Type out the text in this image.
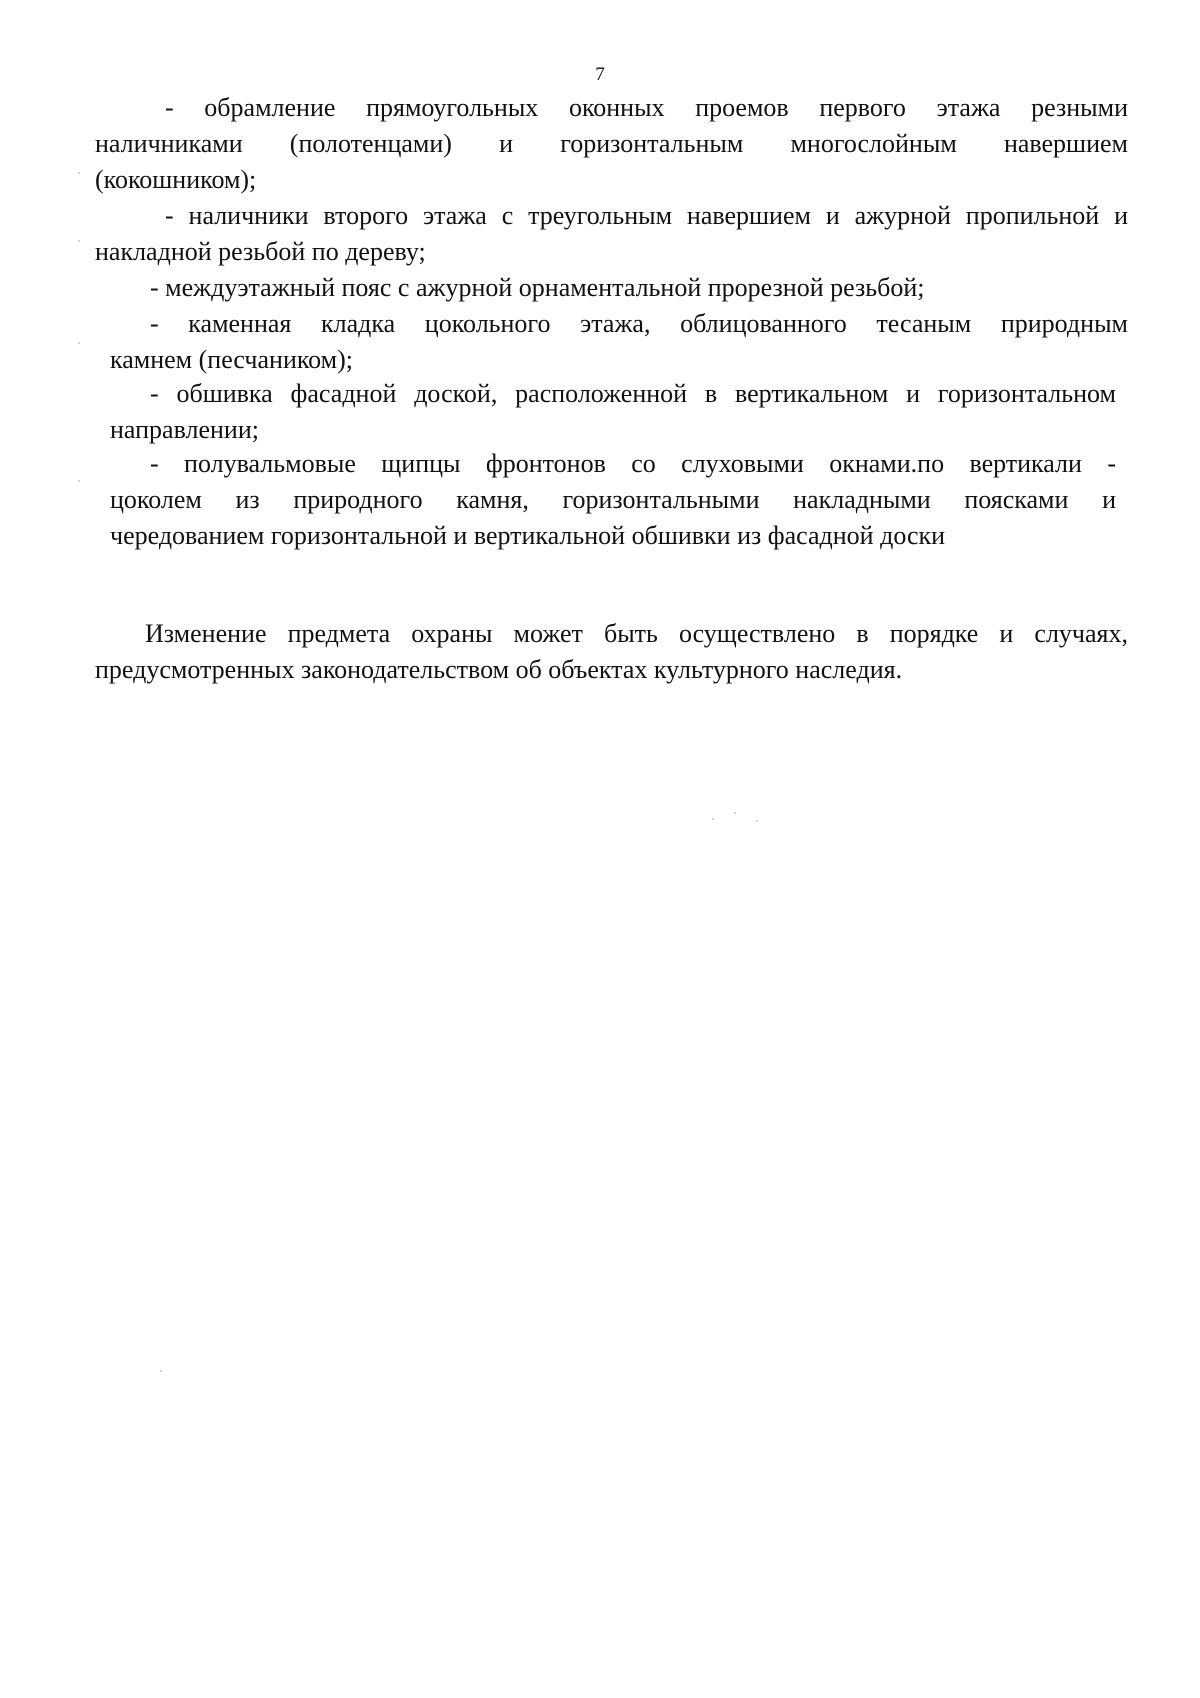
7
- обрамление прямоугольных оконных проемов первого этажа резными
наличниками (полотенцами) и горизонтальным многослойным навершием
(кокошником);
- наличники второго этажа с треугольным навершием и ажурной пропильной и
накладной резьбой по дереву;
- междуэтажный пояс с ажурной орнаментальной прорезной резьбой;
- каменная кладка цокольного этажа, облицованного тесаным природным
камнем (песчаником);
- обшивка фасадной доской, расположенной в вертикальном и горизонтальном
направлении;
- полувальмовые щипцы фронтонов со слуховыми окнами.по вертикали -
цоколем из природного камня, горизонтальными накладными поясками и
чередованием горизонтальной и вертикальной обшивки из фасадной доски
Изменение предмета охраны может быть осуществлено в порядке и случаях,
предусмотренных законодательством об объектах культурного наследия.
